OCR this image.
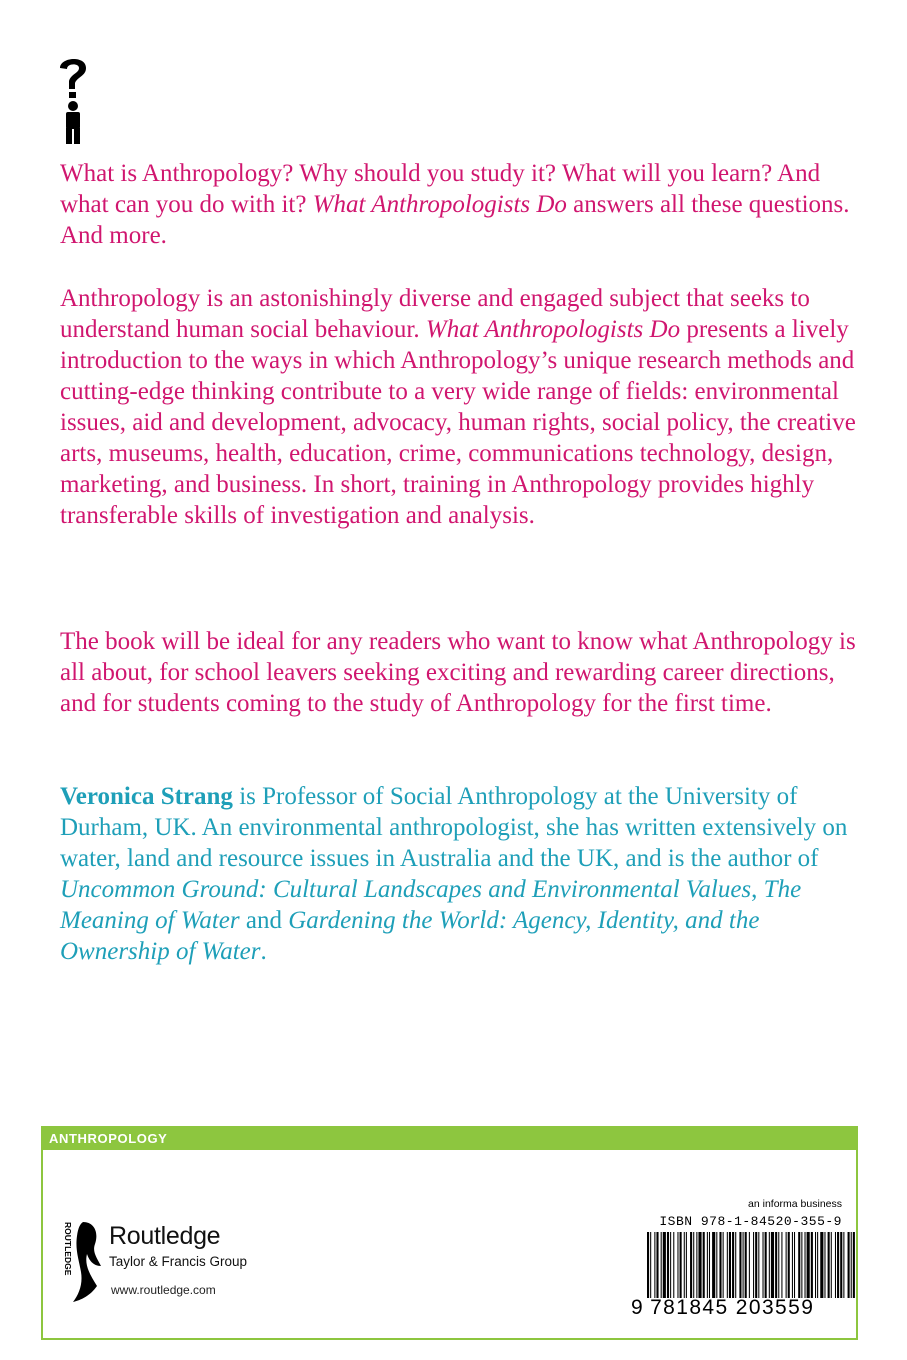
What is Anthropology? Why should you study it? What will you learn? And what can you do with it? What Anthropologists Do answers all these questions. And more.

Anthropology is an astonishingly diverse and engaged subject that seeks to understand human social behaviour. What Anthropologists Do presents a lively introduction to the ways in which Anthropology’s unique research methods and cutting-edge thinking contribute to a very wide range of fields: environmental issues, aid and development, advocacy, human rights, social policy, the creative arts, museums, health, education, crime, communications technology, design, marketing, and business. In short, training in Anthropology provides highly transferable skills of investigation and analysis.

The book will be ideal for any readers who want to know what Anthropology is all about, for school leavers seeking exciting and rewarding career directions, and for students coming to the study of Anthropology for the first time.

Veronica Strang is Professor of Social Anthropology at the University of Durham, UK. An environmental anthropologist, she has written extensively on water, land and resource issues in Australia and the UK, and is the author of Uncommon Ground: Cultural Landscapes and Environmental Values, The Meaning of Water and Gardening the World: Agency, Identity, and the Ownership of Water.

ANTHROPOLOGY
ROUTLEDGE Routledge
Taylor & Francis Group
www.routledge.com
an informa business
ISBN 978-1-84520-355-9
9 781845 203559
